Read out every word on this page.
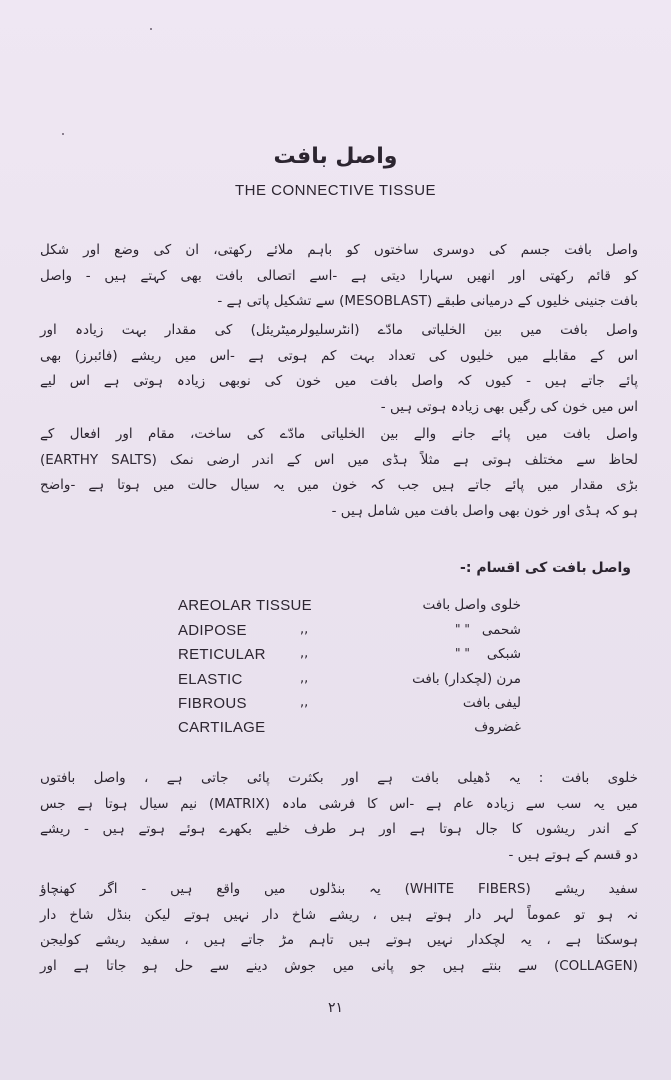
واصل بافت
THE CONNECTIVE TISSUE
واصل بافت جسم کی دوسری ساختوں کو باہم ملائے رکھتی، ان کی وضع اور شکل
کو قائم رکھتی اور انھیں سہارا دیتی ہے -اسے اتصالی بافت بھی کہتے ہیں - واصل
بافت جنینی خلیوں کے درمیانی طبقے (MESOBLAST) سے تشکیل پاتی ہے -
واصل بافت میں بین الخلیاتی مادّے (انٹرسلیولرمیٹریئل) کی مقدار بہت زیادہ اور
اس کے مقابلے میں خلیوں کی تعداد بہت کم ہوتی ہے -اس میں ریشے (فائبرز) بھی
پائے جاتے ہیں - کیوں کہ واصل بافت میں خون کی نوبھی زیادہ ہوتی ہے اس لیے
اس میں خون کی رگیں بھی زیادہ ہوتی ہیں -
واصل بافت میں پائے جانے والے بین الخلیاتی مادّے کی ساخت، مقام اور افعال کے
لحاظ سے مختلف ہوتی ہے مثلاً ہڈی میں اس کے اندر ارضی نمک (EARTHY SALTS)
بڑی مقدار میں پائے جاتے ہیں جب کہ خون میں یہ سیال حالت میں ہوتا ہے -واضح
ہو کہ ہڈی اور خون بھی واصل بافت میں شامل ہیں -
واصل بافت کی اقسام :-
AREOLAR TISSUE	خلوی واصل بافت
ADIPOSE	,,	" " شحمی
RETICULAR	,,	" " شبکی
ELASTIC	,,	مرن (لچکدار) بافت
FIBROUS	,,	لیفی بافت
CARTILAGE	غضروف
خلوی بافت : یہ ڈھیلی بافت ہے اور بکثرت پائی جاتی ہے ، واصل بافتوں
میں یہ سب سے زیادہ عام ہے -اس کا فرشی مادہ (MATRIX) نیم سیال ہوتا ہے جس
کے اندر ریشوں کا جال ہوتا ہے اور ہر طرف خلیے بکھرے ہوئے ہوتے ہیں - ریشے
دو قسم کے ہوتے ہیں -
سفید ریشے (WHITE FIBERS) یہ بنڈلوں میں واقع ہیں - اگر کھنچاؤ
نہ ہو تو عموماً لہر دار ہوتے ہیں ، ریشے شاخ دار نہیں ہوتے لیکن بنڈل شاخ دار
ہوسکتا ہے ، یہ لچکدار نہیں ہوتے ہیں تاہم مڑ جاتے ہیں ، سفید ریشے کولیجن
(COLLAGEN) سے بنتے ہیں جو پانی میں جوش دینے سے حل ہو جاتا ہے اور
۲۱
